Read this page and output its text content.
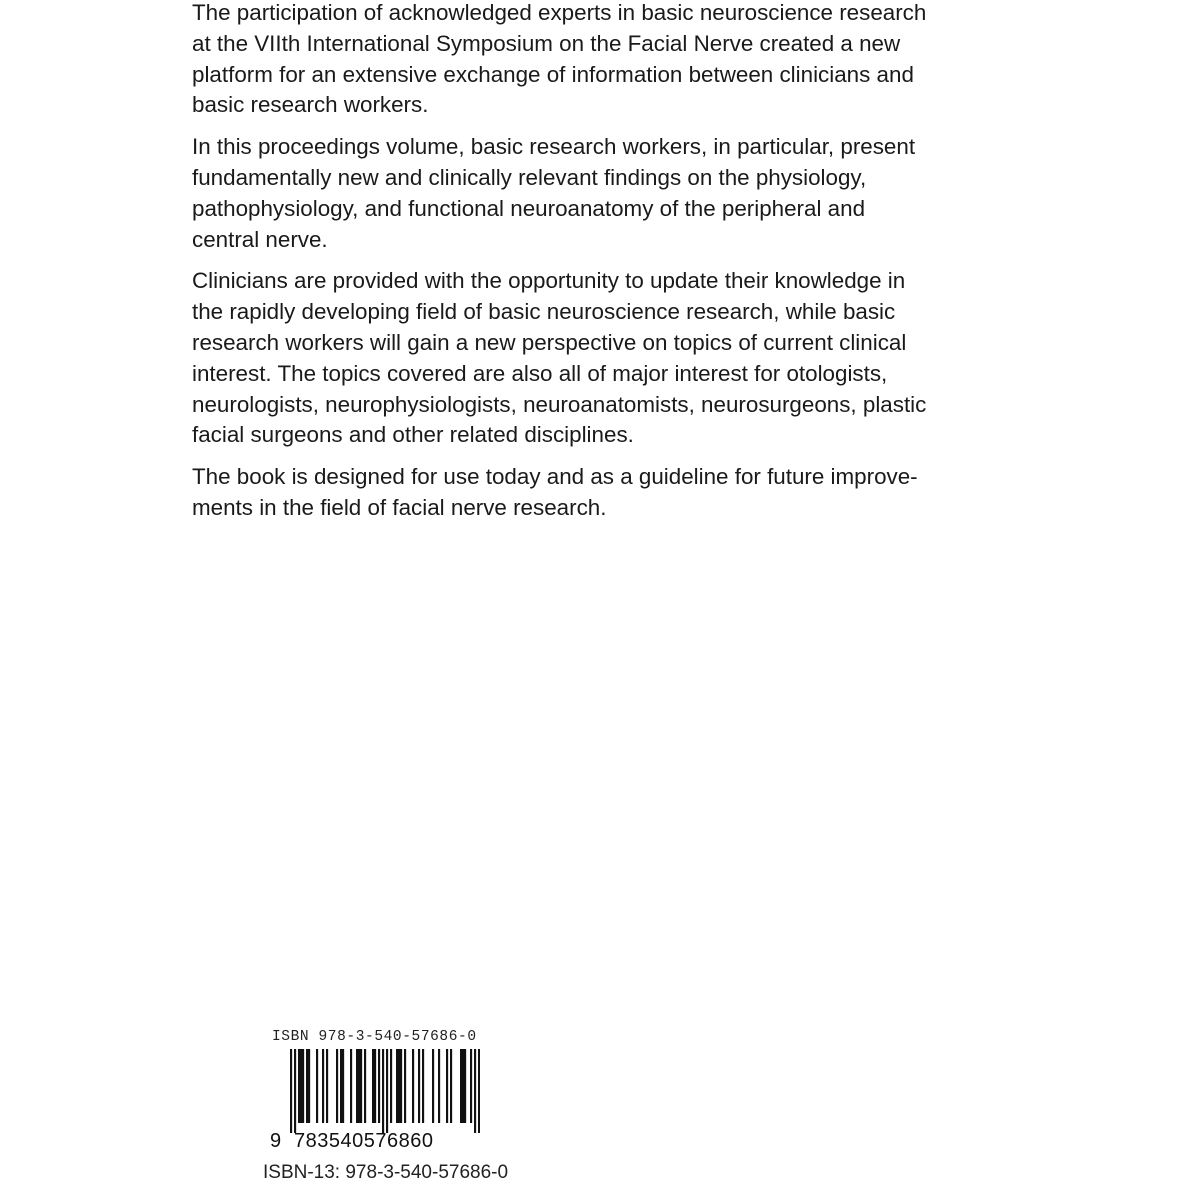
The participation of acknowledged experts in basic neuroscience research
at the VIIth International Symposium on the Facial Nerve created a new
platform for an extensive exchange of information between clinicians and
basic research workers.

In this proceedings volume, basic research workers, in particular, present
fundamentally new and clinically relevant findings on the physiology,
pathophysiology, and functional neuroanatomy of the peripheral and
central nerve.

Clinicians are provided with the opportunity to update their knowledge in
the rapidly developing field of basic neuroscience research, while basic
research workers will gain a new perspective on topics of current clinical
interest. The topics covered are also all of major interest for otologists,
neurologists, neurophysiologists, neuroanatomists, neurosurgeons, plastic
facial surgeons and other related disciplines.

The book is designed for use today and as a guideline for future improve-
ments in the field of facial nerve research.

ISBN 978-3-540-57686-0
9 783540576860
ISBN-13: 978-3-540-57686-0
